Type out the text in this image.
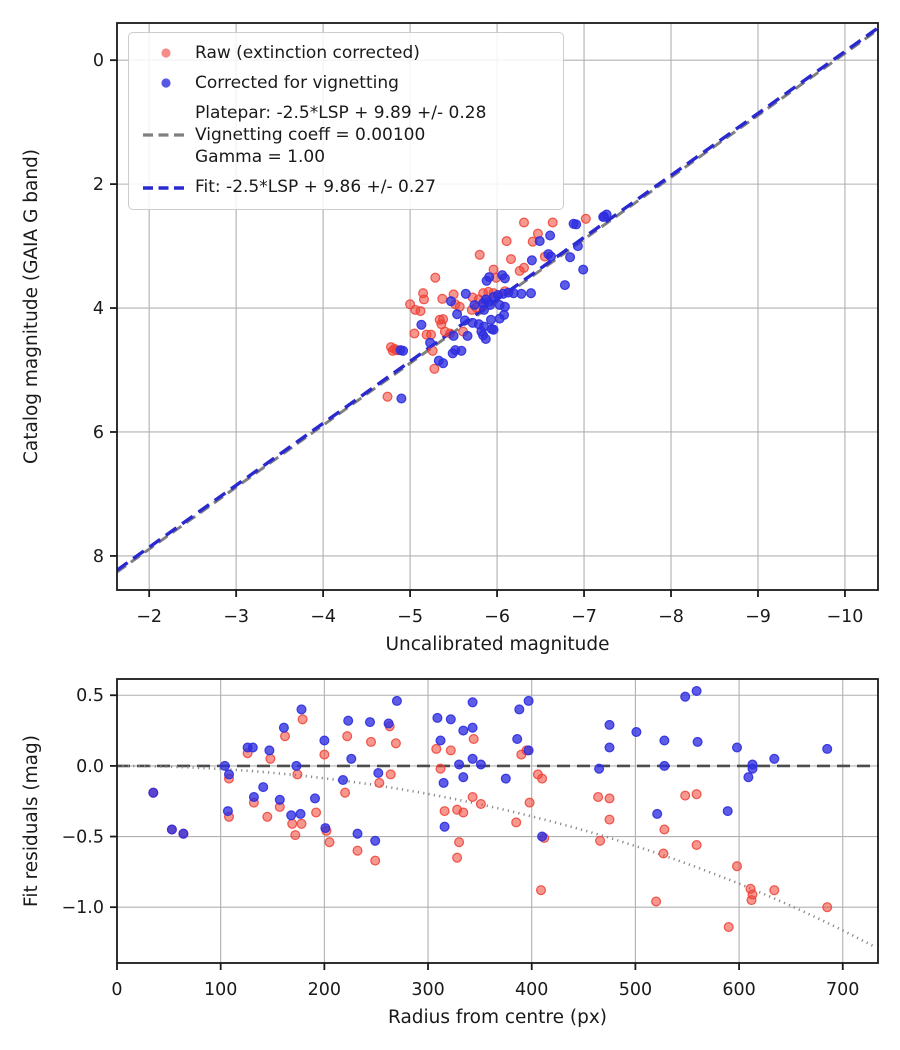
−2	−3	−4	−5	−6	−7	−8	−9	−10
0
2
4
6
8
Uncalibrated magnitude
Catalog magnitude (GAIA G band)
0	100	200	300	400	500	600	700
0.5
0.0
−0.5
−1.0
Radius from centre (px)
Fit residuals (mag)
Raw (extinction corrected)
Corrected for vignetting
Platepar: -2.5*LSP + 9.89 +/- 0.28
Vignetting coeff = 0.00100
Gamma = 1.00
Fit: -2.5*LSP + 9.86 +/- 0.27
